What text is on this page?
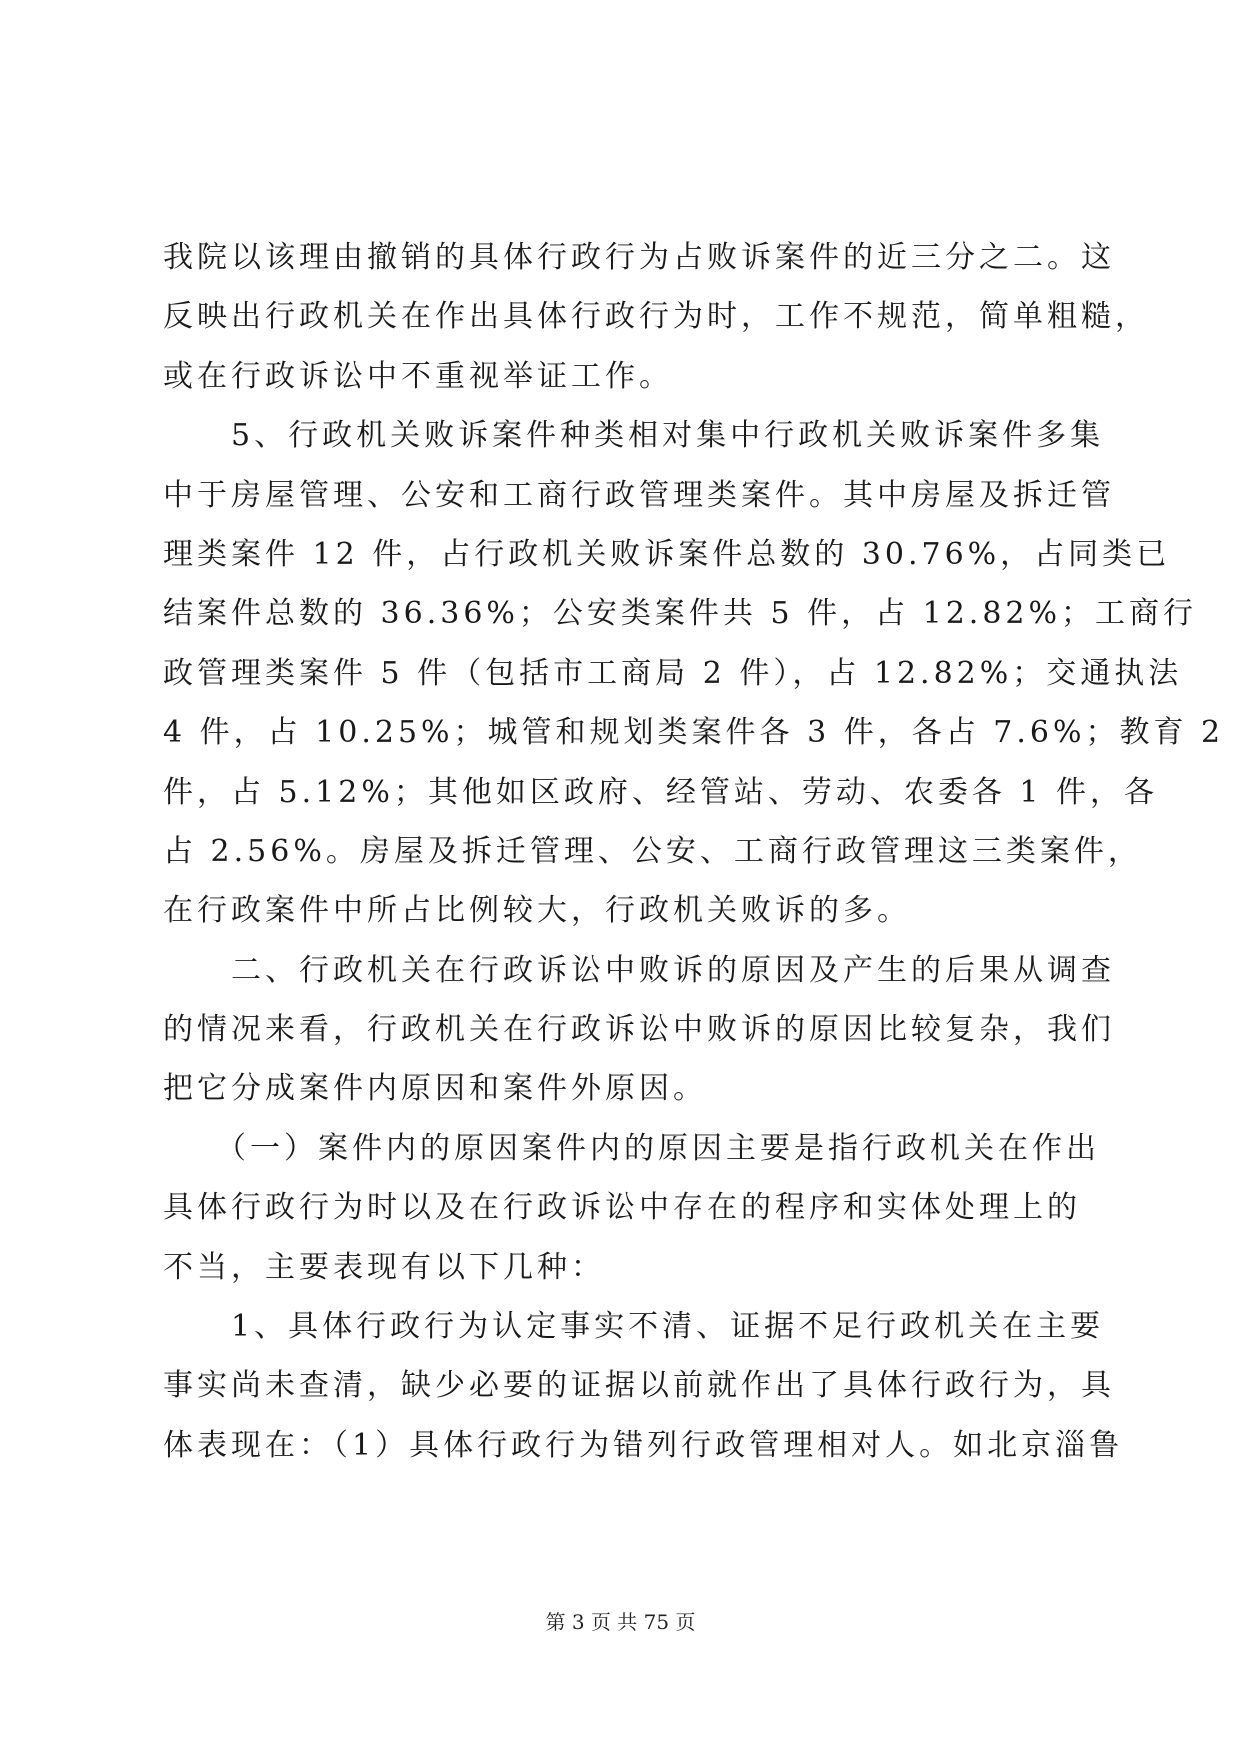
我院以该理由撤销的具体行政行为占败诉案件的近三分之二。这
反映出行政机关在作出具体行政行为时，工作不规范，简单粗糙，
或在行政诉讼中不重视举证工作。
　　5、行政机关败诉案件种类相对集中行政机关败诉案件多集
中于房屋管理、公安和工商行政管理类案件。其中房屋及拆迁管
理类案件 12 件，占行政机关败诉案件总数的 30.76%，占同类已
结案件总数的 36.36%；公安类案件共 5 件，占 12.82%；工商行
政管理类案件 5 件（包括市工商局 2 件），占 12.82%；交通执法
4 件，占 10.25%；城管和规划类案件各 3 件，各占 7.6%；教育 2
件，占 5.12%；其他如区政府、经管站、劳动、农委各 1 件，各
占 2.56%。房屋及拆迁管理、公安、工商行政管理这三类案件，
在行政案件中所占比例较大，行政机关败诉的多。
　　二、行政机关在行政诉讼中败诉的原因及产生的后果从调查
的情况来看，行政机关在行政诉讼中败诉的原因比较复杂，我们
把它分成案件内原因和案件外原因。
　　（一）案件内的原因案件内的原因主要是指行政机关在作出
具体行政行为时以及在行政诉讼中存在的程序和实体处理上的
不当，主要表现有以下几种：
　　1、具体行政行为认定事实不清、证据不足行政机关在主要
事实尚未查清，缺少必要的证据以前就作出了具体行政行为，具
体表现在：（1）具体行政行为错列行政管理相对人。如北京淄鲁
第 3 页 共 75 页
